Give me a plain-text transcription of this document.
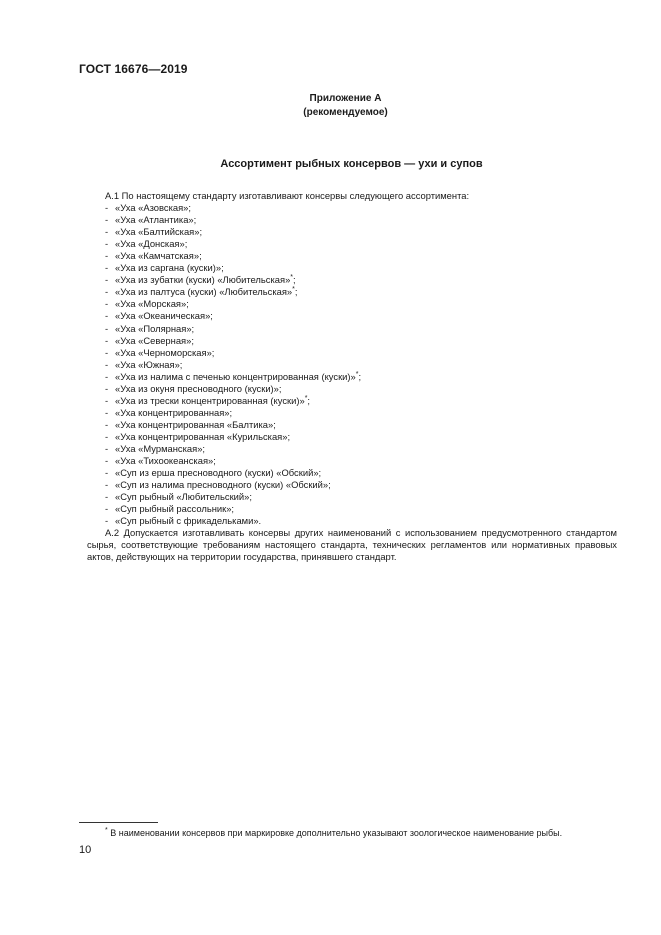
ГОСТ 16676—2019
Приложение А
(рекомендуемое)
Ассортимент рыбных консервов — ухи и супов

А.1 По настоящему стандарту изготавливают консервы следующего ассортимента:

- «Уха «Азовская»;
- «Уха «Атлантика»;
- «Уха «Балтийская»;
- «Уха «Донская»;
- «Уха «Камчатская»;
- «Уха из саргана (куски)»;
- «Уха из зубатки (куски) «Любительская»*;
- «Уха из палтуса (куски) «Любительская»*;
- «Уха «Морская»;
- «Уха «Океаническая»;
- «Уха «Полярная»;
- «Уха «Северная»;
- «Уха «Черноморская»;
- «Уха «Южная»;
- «Уха из налима с печенью концентрированная (куски)»*;
- «Уха из окуня пресноводного (куски)»;
- «Уха из трески концентрированная (куски)»*;
- «Уха концентрированная»;
- «Уха концентрированная «Балтика»;
- «Уха концентрированная «Курильская»;
- «Уха «Мурманская»;
- «Уха «Тихоокеанская»;
- «Суп из ерша пресноводного (куски) «Обский»;
- «Суп из налима пресноводного (куски) «Обский»;
- «Суп рыбный «Любительский»;
- «Суп рыбный рассольник»;
- «Суп рыбный с фрикадельками».

А.2 Допускается изготавливать консервы других наименований с использованием предусмотренного стандартом сырья, соответствующие требованиям настоящего стандарта, технических регламентов или нормативных правовых актов, действующих на территории государства, принявшего стандарт.

* В наименовании консервов при маркировке дополнительно указывают зоологическое наименование рыбы.
10
